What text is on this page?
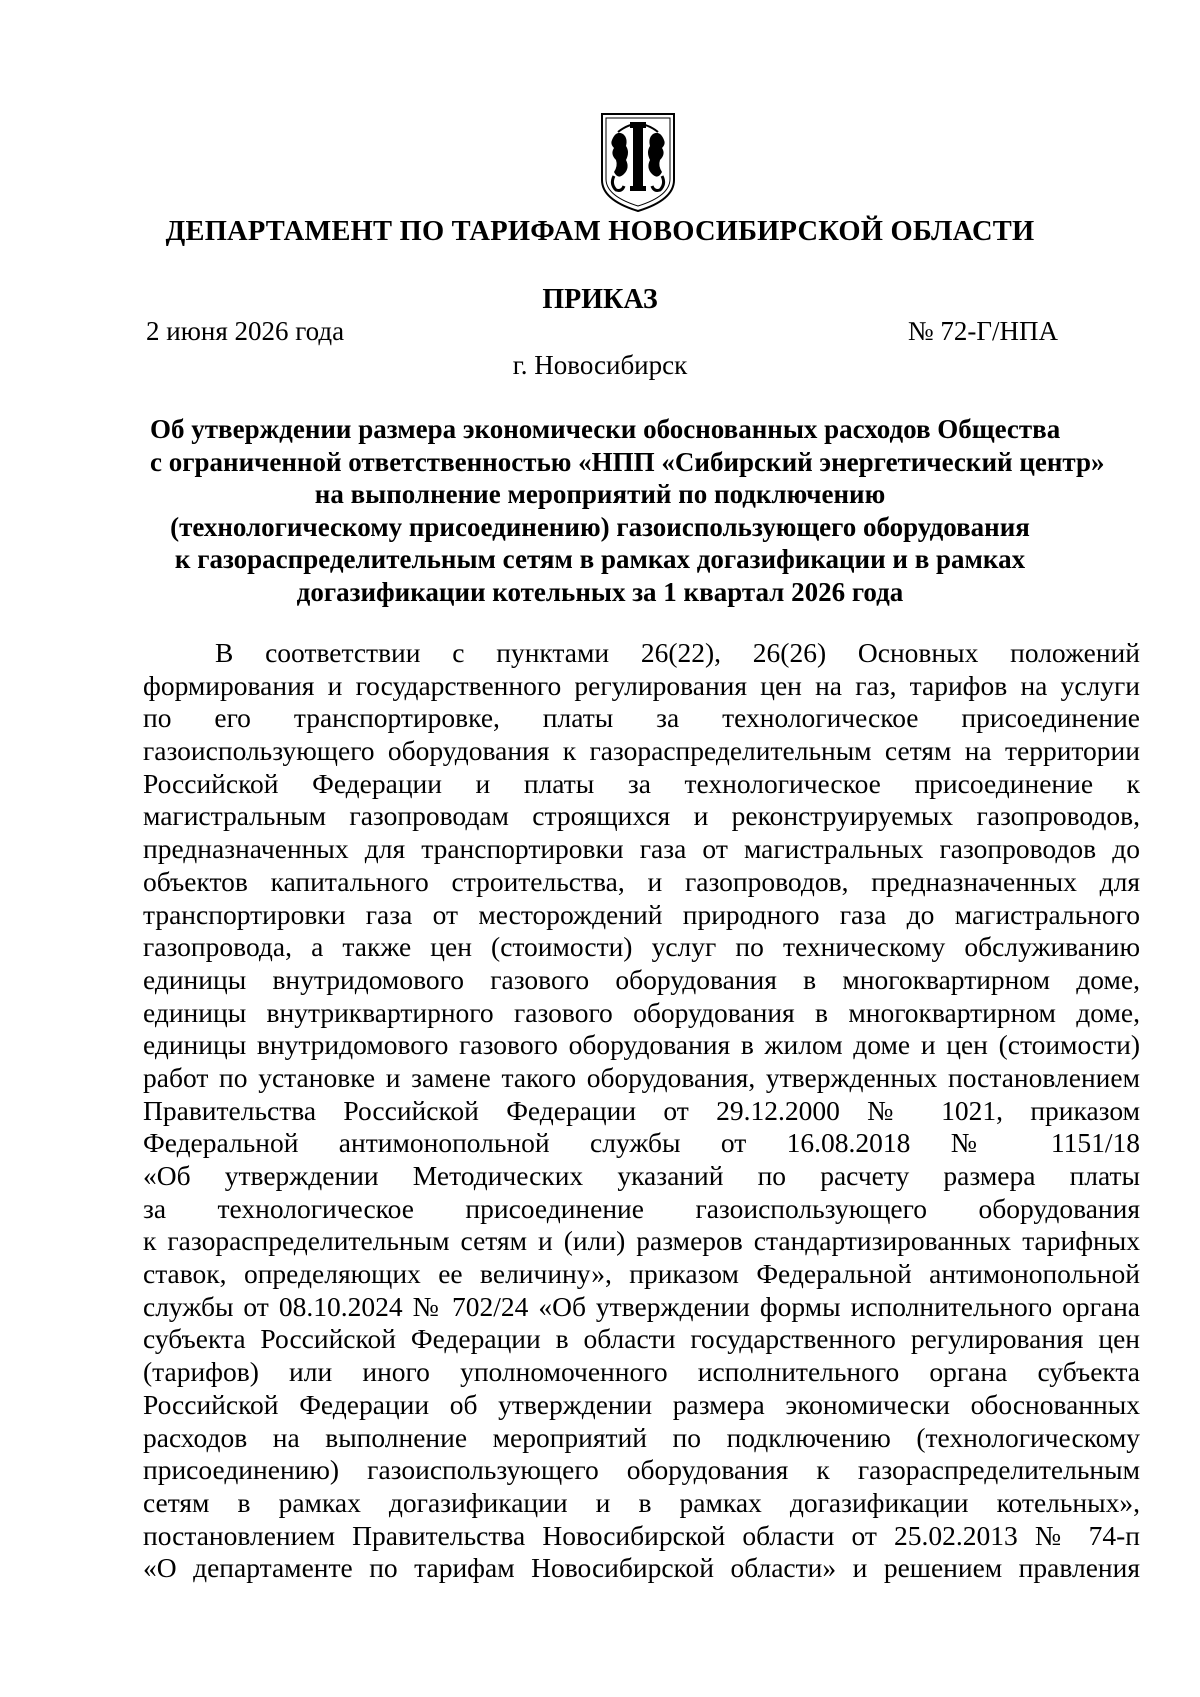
ДЕПАРТАМЕНТ ПО ТАРИФАМ НОВОСИБИРСКОЙ ОБЛАСТИ
ПРИКАЗ
2 июня 2026 года	№ 72-Г/НПА
г. Новосибирск
Об утверждении размера экономически обоснованных расходов Общества
с ограниченной ответственностью «НПП «Сибирский энергетический центр»
на выполнение мероприятий по подключению
(технологическому присоединению) газоиспользующего оборудования
к газораспределительным сетям в рамках догазификации и в рамках
догазификации котельных за 1 квартал 2026 года
В соответствии с пунктами 26(22), 26(26) Основных положений
формирования и государственного регулирования цен на газ, тарифов на услуги
по его транспортировке, платы за технологическое присоединение
газоиспользующего оборудования к газораспределительным сетям на территории
Российской Федерации и платы за технологическое присоединение к
магистральным газопроводам строящихся и реконструируемых газопроводов,
предназначенных для транспортировки газа от магистральных газопроводов до
объектов капитального строительства, и газопроводов, предназначенных для
транспортировки газа от месторождений природного газа до магистрального
газопровода, а также цен (стоимости) услуг по техническому обслуживанию
единицы внутридомового газового оборудования в многоквартирном доме,
единицы внутриквартирного газового оборудования в многоквартирном доме,
единицы внутридомового газового оборудования в жилом доме и цен (стоимости)
работ по установке и замене такого оборудования, утвержденных постановлением
Правительства Российской Федерации от 29.12.2000 № 1021, приказом
Федеральной антимонопольной службы от 16.08.2018 № 1151/18
«Об утверждении Методических указаний по расчету размера платы
за технологическое присоединение газоиспользующего оборудования
к газораспределительным сетям и (или) размеров стандартизированных тарифных
ставок, определяющих ее величину», приказом Федеральной антимонопольной
службы от 08.10.2024 № 702/24 «Об утверждении формы исполнительного органа
субъекта Российской Федерации в области государственного регулирования цен
(тарифов) или иного уполномоченного исполнительного органа субъекта
Российской Федерации об утверждении размера экономически обоснованных
расходов на выполнение мероприятий по подключению (технологическому
присоединению) газоиспользующего оборудования к газораспределительным
сетям в рамках догазификации и в рамках догазификации котельных»,
постановлением Правительства Новосибирской области от 25.02.2013 № 74-п
«О департаменте по тарифам Новосибирской области» и решением правления
